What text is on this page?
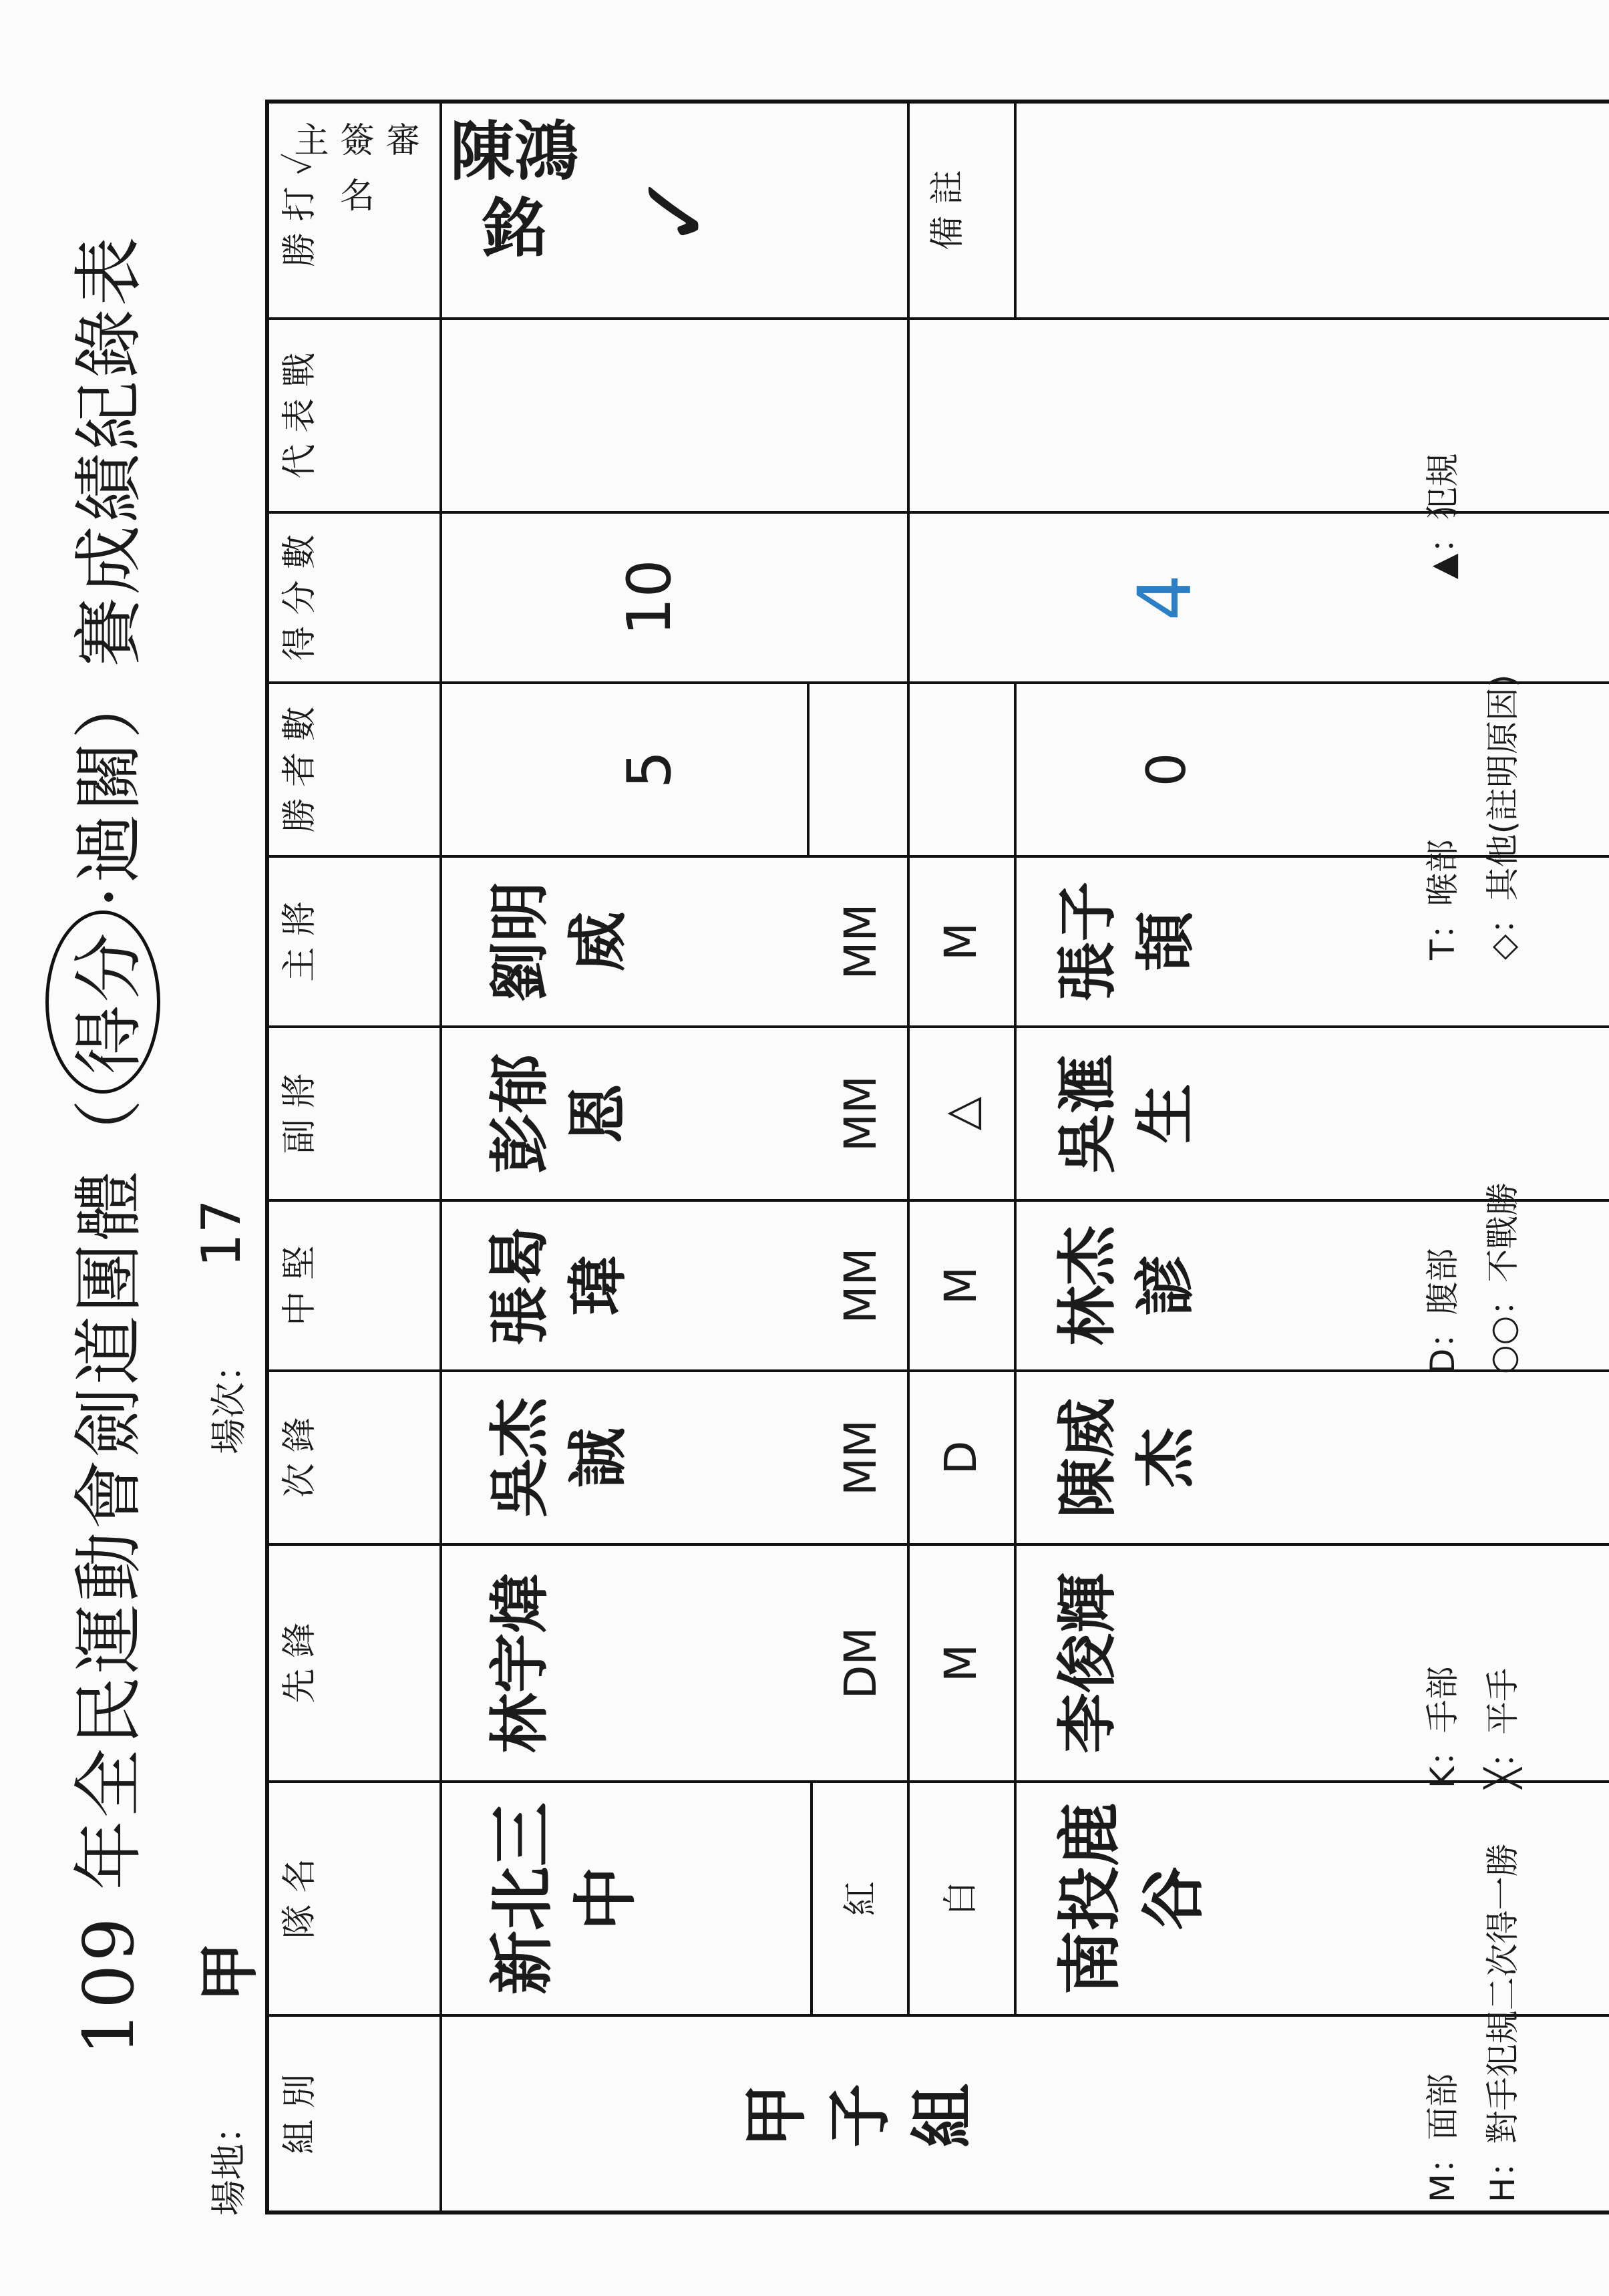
109 年全民運動會劍道團體（得分·過關）賽成績紀錄表
場地：
甲
場次：
17
組 別
隊 名
先 鋒
次 鋒
中 堅
副 將
主 將
勝 者 數
得 分 數
代 表 戰
勝 打 ✓	備 註
甲子組
新北三中	南投鹿谷
紅 白
林宇煒
吳杰誠
張曷瑋
彭郁恩
劉明威
DM
MM
MM
MM
MM
M
D
M
△
M
李俊輝
陳威杰
林杰諺
吳滙生
張子頡
5
10
0
4
✓
M：面部
K：手部
D：腹部
T：喉部
▲：犯規
H：對手犯規二次得一勝
╳：平手
○○：不戰勝
◇：其他(註明原因)
主 簽 審 名
陳鴻銘
